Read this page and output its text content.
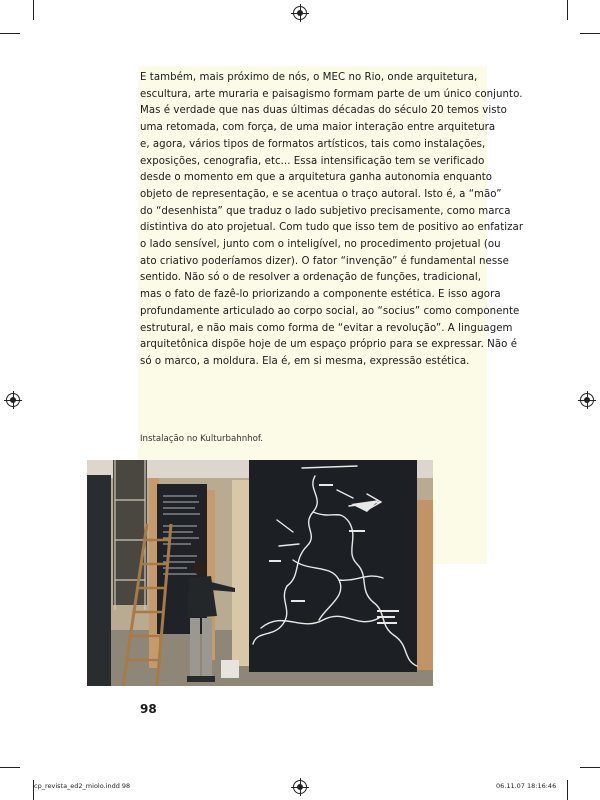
E também, mais próximo de nós, o MEC no Rio, onde arquitetura,
escultura, arte muraria e paisagismo formam parte de um único conjunto.
Mas é verdade que nas duas últimas décadas do século 20 temos visto
uma retomada, com força, de uma maior interação entre arquitetura
e, agora, vários tipos de formatos artísticos, tais como instalações,
exposições, cenografia, etc... Essa intensificação tem se verificado
desde o momento em que a arquitetura ganha autonomia enquanto
objeto de representação, e se acentua o traço autoral. Isto é, a “mão”
do “desenhista” que traduz o lado subjetivo precisamente, como marca
distintiva do ato projetual. Com tudo que isso tem de positivo ao enfatizar
o lado sensível, junto com o inteligível, no procedimento projetual (ou
ato criativo poderíamos dizer). O fator “invenção” é fundamental nesse
sentido. Não só o de resolver a ordenação de funções, tradicional,
mas o fato de fazê-lo priorizando a componente estética. E isso agora
profundamente articulado ao corpo social, ao “socius” como componente
estrutural, e não mais como forma de “evitar a revolução”. A linguagem
arquitetônica dispõe hoje de um espaço próprio para se expressar. Não é
só o marco, a moldura. Ela é, em si mesma, expressão estética.
Instalação no Kulturbahnhof.
98
cp_revista_ed2_miolo.indd 98	06.11.07 18:16:46
